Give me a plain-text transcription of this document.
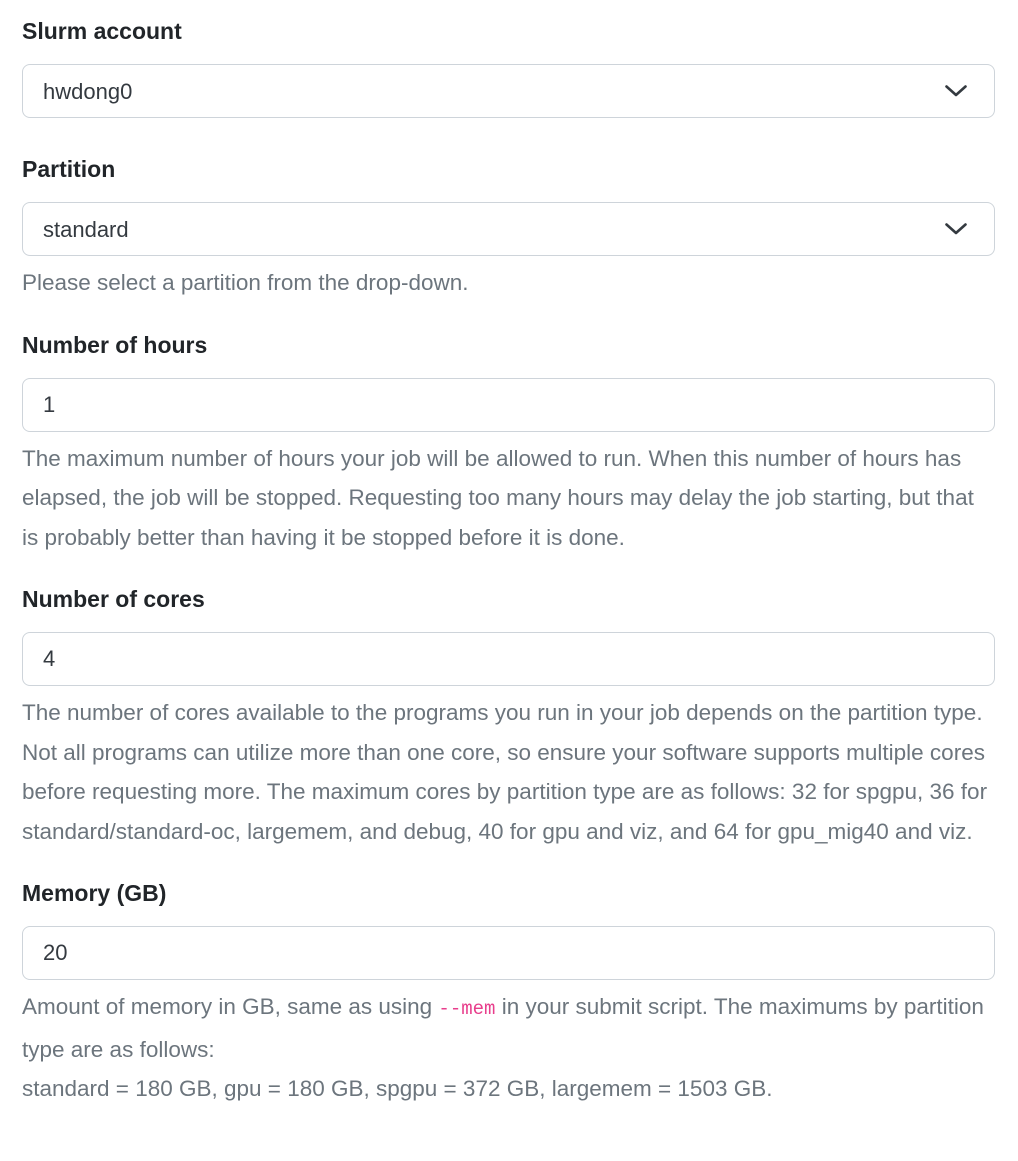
Slurm account
hwdong0
Partition
standard
Please select a partition from the drop-down.
Number of hours
1
The maximum number of hours your job will be allowed to run. When this number of hours has elapsed, the job will be stopped. Requesting too many hours may delay the job starting, but that is probably better than having it be stopped before it is done.
Number of cores
4
The number of cores available to the programs you run in your job depends on the partition type. Not all programs can utilize more than one core, so ensure your software supports multiple cores before requesting more. The maximum cores by partition type are as follows: 32 for spgpu, 36 for standard/standard-oc, largemem, and debug, 40 for gpu and viz, and 64 for gpu_mig40 and viz.
Memory (GB)
20
Amount of memory in GB, same as using --mem in your submit script. The maximums by partition type are as follows:
standard = 180 GB, gpu = 180 GB, spgpu = 372 GB, largemem = 1503 GB.
